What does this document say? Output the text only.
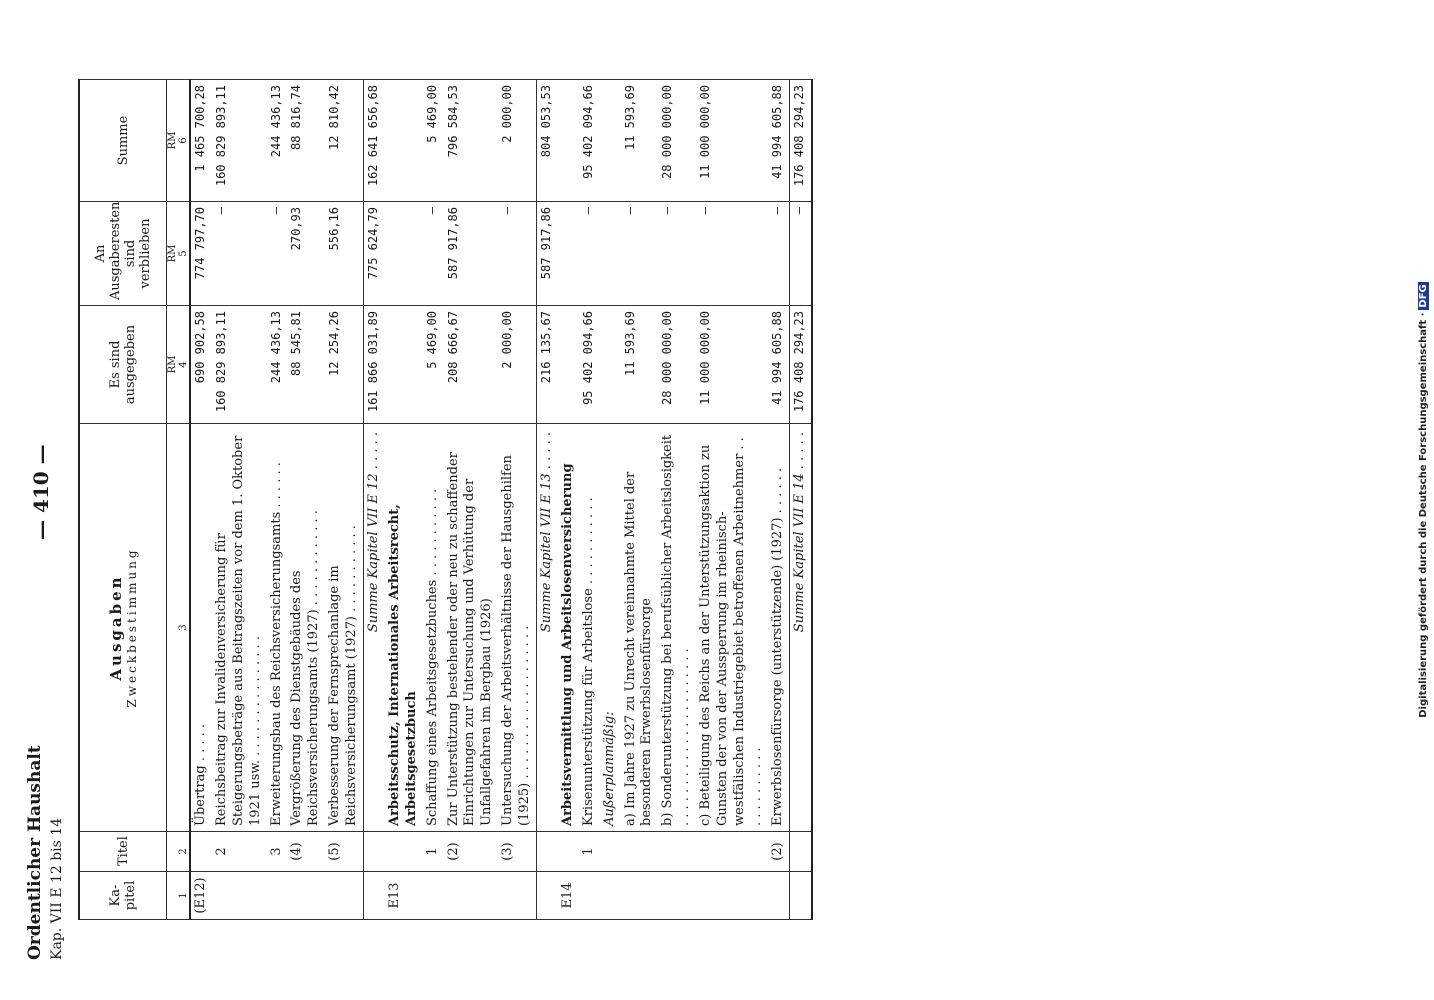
Ordentlicher Haushalt Kap. VII E 12 bis 14
— 410 —
Ka-pitel	Titel	Ausgaben Zweckbestimmung	Es sind ausgegeben	An Ausgaberesten sind verblieben	Summe
			RM	RM	RM
1	2	3	4	5	6
(E12)		Übertrag . . . . .	690 902,58	774 797,70	1 465 700,28
	2	Reichsbeitrag zur Invalidenversicherung für Steigerungsbeträge aus Beitragszeiten vor dem 1. Oktober 1921 usw. . . . . . . . . . . . . . . .	160 829 893,11	—	160 829 893,11
	3	Erweiterungsbau des Reichsversicherungsamts . . . . . .	244 436,13	—	244 436,13
	(4)	Vergrößerung des Dienstgebäudes des Reichsversicherungsamts (1927) . . . . . . . . . . . .	88 545,81	270,93	88 816,74
	(5)	Verbesserung der Fernsprechanlage im Reichsversicherungsamt (1927) . . . . . . . . . . .	12 254,26	556,16	12 810,42
		Summe Kapitel VII E 12 . . . . .	161 866 031,89	775 624,79	162 641 656,68
E13		Arbeitsschutz, Internationales Arbeitsrecht, Arbeitsgesetzbuch			
	1	Schaffung eines Arbeitsgesetzbuches . . . . . . . . . . .	5 469,00	—	5 469,00
	(2)	Zur Unterstützung bestehender oder neu zu schaffender Einrichtungen zur Untersuchung und Verhütung der Unfallgefahren im Bergbau (1926)	208 666,67	587 917,86	796 584,53
	(3)	Untersuchung der Arbeitsverhältnisse der Hausgehilfen (1925) . . . . . . . . . . . . . . . . . . .	2 000,00	—	2 000,00
		Summe Kapitel VII E 13 . . . . .	216 135,67	587 917,86	804 053,53
E14		Arbeitsvermittlung und Arbeitslosenversicherung			
	1	Krisenunterstützung für Arbeitslose . . . . . . . . . . .	95 402 094,66	—	95 402 094,66
		Außerplanmäßig:			
		a) Im Jahre 1927 zu Unrecht vereinnahmte Mittel der besonderen Erwerbslosenfürsorge	11 593,69	—	11 593,69
		b) Sonderunterstützung bei berufsüblicher Arbeitslosigkeit . . . . . . . . . . . . . . . . . . . . . .	28 000 000,00	—	28 000 000,00
		c) Beteiligung des Reichs an der Unterstützungsaktion zu Gunsten der von der Aussperrung im rheinisch-westfälischen Industriegebiet betroffenen Arbeitnehmer . . . . . . . . . . . .	11 000 000,00	—	11 000 000,00
	(2)	Erwerbslosenfürsorge (unterstützende) (1927) . . . . . .	41 994 605,88	—	41 994 605,88
		Summe Kapitel VII E 14 . . . . .	176 408 294,23	—	176 408 294,23
Digitalisierung gefördert durch die Deutsche Forschungsgemeinschaft ·DFG
